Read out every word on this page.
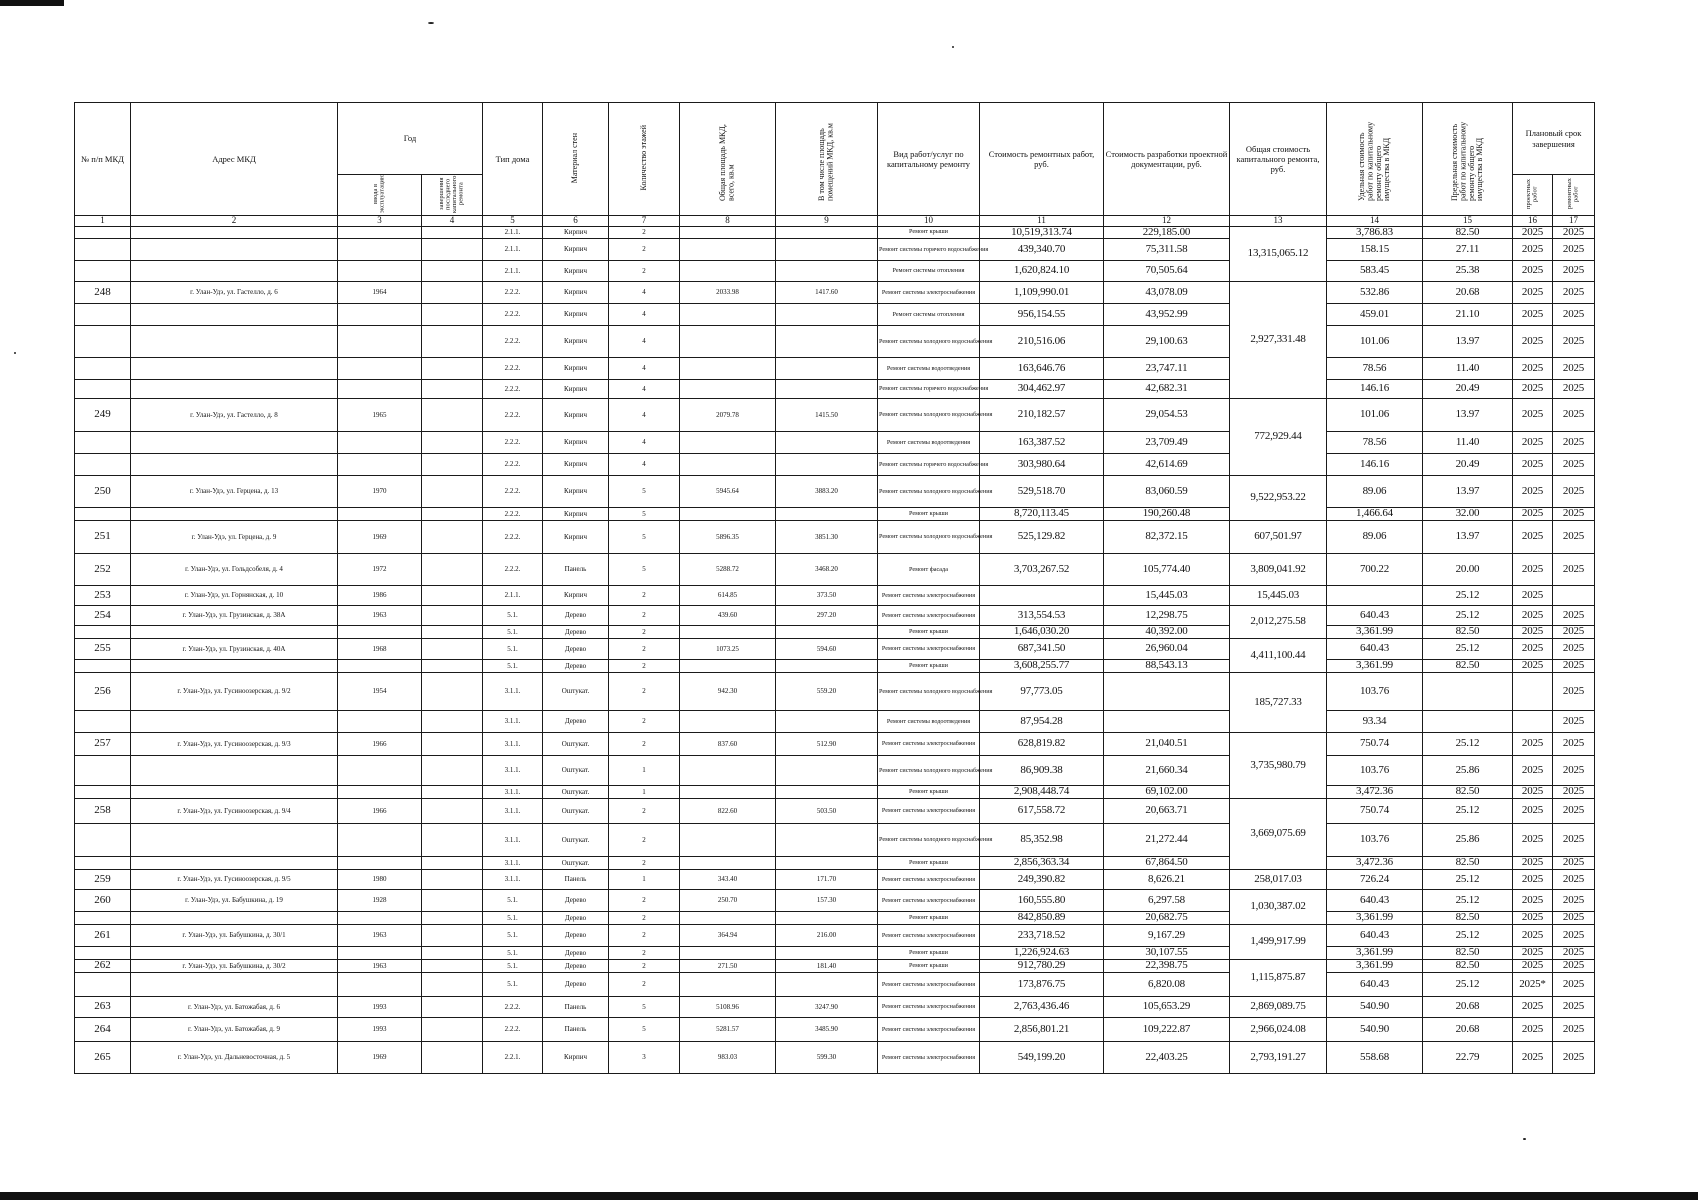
№ п/п МКД	Адрес МКД	Год		Тип дома	Материал стен	Количество этажей	Общая площадь МКД, всего, кв.м	В том числе площадь помещений МКД, кв.м	Вид работ/услуг по капитальному ремонту	Стоимость ремонтных работ, руб.	Стоимость разработки проектной документации, руб.	Общая стоимость капитального ремонта, руб.	Удельная стоимость работ по капитальному ремонту общего имущества в МКД	Предельная стоимость работ по капитальному ремонту общего имущества в МКД	Плановый срок завершения	
		ввода в эксплуатацию	завершения последнего капитального ремонта												проектных работ	ремонтных работ
1	2	3	4	5	6	7	8	9	10	11	12	13	14	15	16	17
				2.1.1.	Кирпич	2			Ремонт крыши	10,519,313.74	229,185.00	13,315,065.12	3,786.83	82.50	2025	2025
				2.1.1.	Кирпич	2			Ремонт системы горячего водоснабжения	439,340.70	75,311.58		158.15	27.11	2025	2025
				2.1.1.	Кирпич	2			Ремонт системы отопления	1,620,824.10	70,505.64		583.45	25.38	2025	2025
248	г. Улан-Удэ, ул. Гастелло, д. 6	1964		2.2.2.	Кирпич	4	2033.98	1417.60	Ремонт системы электроснабжения	1,109,990.01	43,078.09	2,927,331.48	532.86	20.68	2025	2025
				2.2.2.	Кирпич	4			Ремонт системы отопления	956,154.55	43,952.99		459.01	21.10	2025	2025
				2.2.2.	Кирпич	4			Ремонт системы холодного водоснабжения	210,516.06	29,100.63		101.06	13.97	2025	2025
				2.2.2.	Кирпич	4			Ремонт системы водоотведения	163,646.76	23,747.11		78.56	11.40	2025	2025
				2.2.2.	Кирпич	4			Ремонт системы горячего водоснабжения	304,462.97	42,682.31		146.16	20.49	2025	2025
249	г. Улан-Удэ, ул. Гастелло, д. 8	1965		2.2.2.	Кирпич	4	2079.78	1415.50	Ремонт системы холодного водоснабжения	210,182.57	29,054.53	772,929.44	101.06	13.97	2025	2025
				2.2.2.	Кирпич	4			Ремонт системы водоотведения	163,387.52	23,709.49		78.56	11.40	2025	2025
				2.2.2.	Кирпич	4			Ремонт системы горячего водоснабжения	303,980.64	42,614.69		146.16	20.49	2025	2025
250	г. Улан-Удэ, ул. Герцена, д. 13	1970		2.2.2.	Кирпич	5	5945.64	3883.20	Ремонт системы холодного водоснабжения	529,518.70	83,060.59	9,522,953.22	89.06	13.97	2025	2025
				2.2.2.	Кирпич	5			Ремонт крыши	8,720,113.45	190,260.48		1,466.64	32.00	2025	2025
251	г. Улан-Удэ, ул. Герцена, д. 9	1969		2.2.2.	Кирпич	5	5896.35	3851.30	Ремонт системы холодного водоснабжения	525,129.82	82,372.15	607,501.97	89.06	13.97	2025	2025
252	г. Улан-Удэ, ул. Гольдсобеля, д. 4	1972		2.2.2.	Панель	5	5288.72	3468.20	Ремонт фасада	3,703,267.52	105,774.40	3,809,041.92	700.22	20.00	2025	2025
253	г. Улан-Удэ, ул. Горнянская, д. 10	1986		2.1.1.	Кирпич	2	614.85	373.50	Ремонт системы электроснабжения		15,445.03	15,445.03		25.12	2025	
254	г. Улан-Удэ, ул. Грузинская, д. 38А	1963		5.1.	Дерево	2	439.60	297.20	Ремонт системы электроснабжения	313,554.53	12,298.75	2,012,275.58	640.43	25.12	2025	2025
				5.1.	Дерево	2			Ремонт крыши	1,646,030.20	40,392.00		3,361.99	82.50	2025	2025
255	г. Улан-Удэ, ул. Грузинская, д. 40А	1968		5.1.	Дерево	2	1073.25	594.60	Ремонт системы электроснабжения	687,341.50	26,960.04	4,411,100.44	640.43	25.12	2025	2025
				5.1.	Дерево	2			Ремонт крыши	3,608,255.77	88,543.13		3,361.99	82.50	2025	2025
256	г. Улан-Удэ, ул. Гусиноозерская, д. 9/2	1954		3.1.1.	Оштукат.	2	942.30	559.20	Ремонт системы холодного водоснабжения	97,773.05		185,727.33	103.76			2025
				3.1.1.	Дерево	2			Ремонт системы водоотведения	87,954.28			93.34			2025
257	г. Улан-Удэ, ул. Гусиноозерская, д. 9/3	1966		3.1.1.	Оштукат.	2	837.60	512.90	Ремонт системы электроснабжения	628,819.82	21,040.51	3,735,980.79	750.74	25.12	2025	2025
				3.1.1.	Оштукат.	1			Ремонт системы холодного водоснабжения	86,909.38	21,660.34		103.76	25.86	2025	2025
				3.1.1.	Оштукат.	1			Ремонт крыши	2,908,448.74	69,102.00		3,472.36	82.50	2025	2025
258	г. Улан-Удэ, ул. Гусиноозерская, д. 9/4	1966		3.1.1.	Оштукат.	2	822.60	503.50	Ремонт системы электроснабжения	617,558.72	20,663.71	3,669,075.69	750.74	25.12	2025	2025
				3.1.1.	Оштукат.	2			Ремонт системы холодного водоснабжения	85,352.98	21,272.44		103.76	25.86	2025	2025
				3.1.1.	Оштукат.	2			Ремонт крыши	2,856,363.34	67,864.50		3,472.36	82.50	2025	2025
259	г. Улан-Удэ, ул. Гусиноозерская, д. 9/5	1980		3.1.1.	Панель	1	343.40	171.70	Ремонт системы электроснабжения	249,390.82	8,626.21	258,017.03	726.24	25.12	2025	2025
260	г. Улан-Удэ, ул. Бабушкина, д. 19	1928		5.1.	Дерево	2	250.70	157.30	Ремонт системы электроснабжения	160,555.80	6,297.58	1,030,387.02	640.43	25.12	2025	2025
				5.1.	Дерево	2			Ремонт крыши	842,850.89	20,682.75		3,361.99	82.50	2025	2025
261	г. Улан-Удэ, ул. Бабушкина, д. 30/1	1963		5.1.	Дерево	2	364.94	216.00	Ремонт системы электроснабжения	233,718.52	9,167.29	1,499,917.99	640.43	25.12	2025	2025
				5.1.	Дерево	2			Ремонт крыши	1,226,924.63	30,107.55		3,361.99	82.50	2025	2025
262	г. Улан-Удэ, ул. Бабушкина, д. 30/2	1963		5.1.	Дерево	2	271.50	181.40	Ремонт крыши	912,780.29	22,398.75	1,115,875.87	3,361.99	82.50	2025	2025
				5.1.	Дерево	2			Ремонт системы электроснабжения	173,876.75	6,820.08		640.43	25.12	2025*	2025
263	г. Улан-Удэ, ул. Батожабая, д. 6	1993		2.2.2.	Панель	5	5108.96	3247.90	Ремонт системы электроснабжения	2,763,436.46	105,653.29	2,869,089.75	540.90	20.68	2025	2025
264	г. Улан-Удэ, ул. Батожабая, д. 9	1993		2.2.2.	Панель	5	5281.57	3485.90	Ремонт системы электроснабжения	2,856,801.21	109,222.87	2,966,024.08	540.90	20.68	2025	2025
265	г. Улан-Удэ, ул. Дальневосточная, д. 5	1969		2.2.1.	Кирпич	3	983.03	599.30	Ремонт системы электроснабжения	549,199.20	22,403.25	2,793,191.27	558.68	22.79	2025	2025
